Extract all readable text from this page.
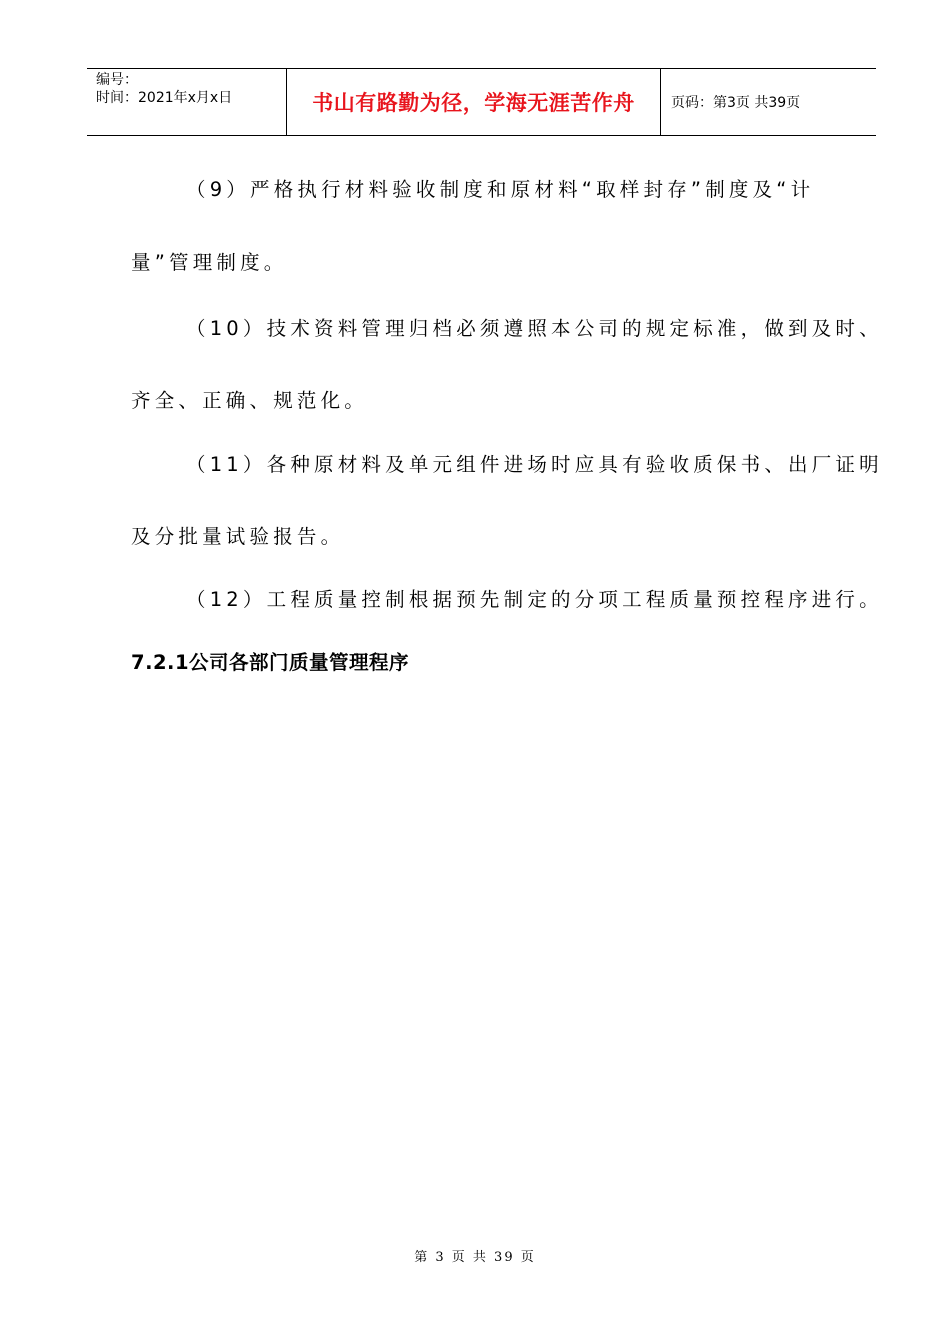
编号：
时间：2021年x月x日	书山有路勤为径，学海无涯苦作舟	页码：第3页 共39页
（9）严格执行材料验收制度和原材料“取样封存”制度及“计
量”管理制度。
（10）技术资料管理归档必须遵照本公司的规定标准，做到及时、
齐全、正确、规范化。
（11）各种原材料及单元组件进场时应具有验收质保书、出厂证明
及分批量试验报告。
（12）工程质量控制根据预先制定的分项工程质量预控程序进行。
7.2.1公司各部门质量管理程序
第 3 页 共 39 页
